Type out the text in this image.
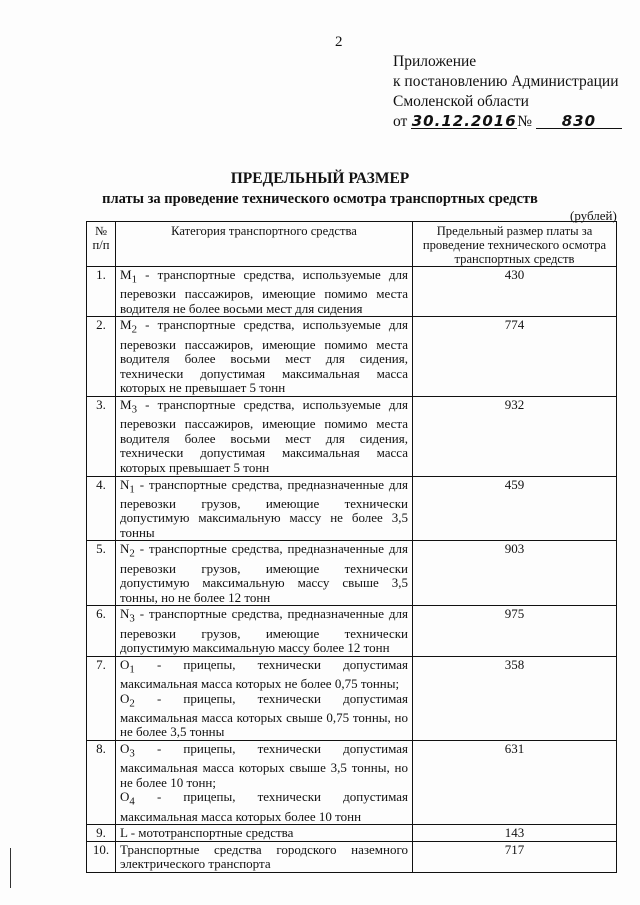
2
Приложение
к постановлению Администрации
Смоленской области
от 30.12.2016№ 830
ПРЕДЕЛЬНЫЙ РАЗМЕР
платы за проведение технического осмотра транспортных средств
(рублей)
№ п/п	Категория транспортного средства	Предельный размер платы за проведение технического осмотра транспортных средств
1.	$M_1$ - транспортные средства, используемые для перевозки пассажиров, имеющие помимо места водителя не более восьми мест для сидения	430
2.	$M_2$ - транспортные средства, используемые для перевозки пассажиров, имеющие помимо места водителя более восьми мест для сидения, технически допустимая максимальная масса которых не превышает 5 тонн	774
3.	$M_3$ - транспортные средства, используемые для перевозки пассажиров, имеющие помимо места водителя более восьми мест для сидения, технически допустимая максимальная масса которых превышает 5 тонн	932
4.	$N_1$ - транспортные средства, предназначенные для перевозки грузов, имеющие технически допустимую максимальную массу не более 3,5 тонны	459
5.	$N_2$ - транспортные средства, предназначенные для перевозки грузов, имеющие технически допустимую максимальную массу свыше 3,5 тонны, но не более 12 тонн	903
6.	$N_3$ - транспортные средства, предназначенные для перевозки грузов, имеющие технически допустимую максимальную массу более 12 тонн	975
7.	$O_1$ - прицепы, технически допустимая максимальная масса которых не более 0,75 тонны;
$O_2$ - прицепы, технически допустимая максимальная масса которых свыше 0,75 тонны, но не более 3,5 тонны	358
8.	$O_3$ - прицепы, технически допустимая максимальная масса которых свыше 3,5 тонны, но не более 10 тонн;
$O_4$ - прицепы, технически допустимая максимальная масса которых более 10 тонн	631
9.	L - мототранспортные средства	143
10.	Транспортные средства городского наземного электрического транспорта	717
